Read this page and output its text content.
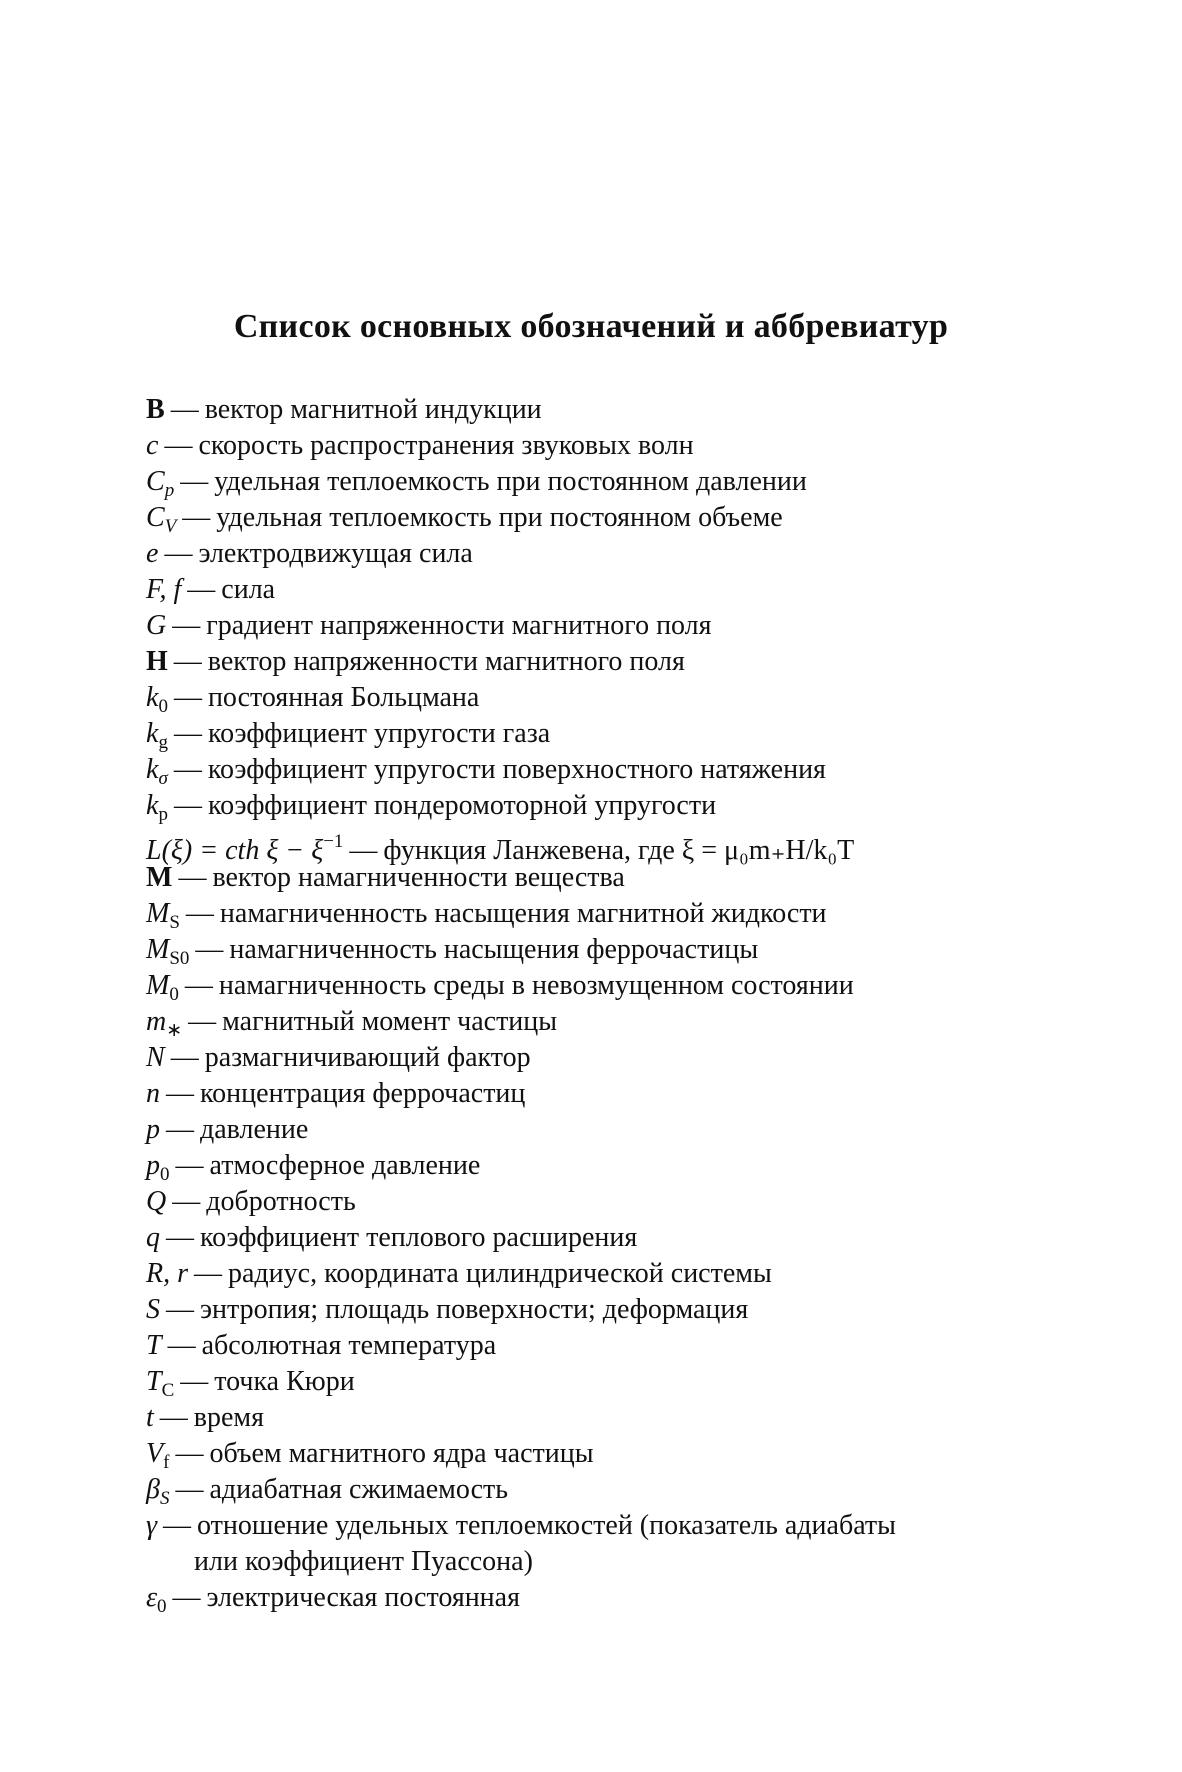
Список основных обозначений и аббревиатур
B — вектор магнитной индукции
c — скорость распространения звуковых волн
$C_p$ — удельная теплоемкость при постоянном давлении
$C_V$ — удельная теплоемкость при постоянном объеме
e — электродвижущая сила
F, f — сила
G — градиент напряженности магнитного поля
H — вектор напряженности магнитного поля
$k_0$ — постоянная Больцмана
$k_g$ — коэффициент упругости газа
$k_\sigma$ — коэффициент упругости поверхностного натяжения
$k_p$ — коэффициент пондеромоторной упругости
L(ξ) = cth $\xi - \xi^{-1}$ — функция Ланжевена, где ξ = μ₀m₊H/k₀T
M — вектор намагниченности вещества
$M_S$ — намагниченность насыщения магнитной жидкости
$M_{S0}$ — намагниченность насыщения феррочастицы
$M_0$ — намагниченность среды в невозмущенном состоянии
$m_∗$ — магнитный момент частицы
N — размагничивающий фактор
n — концентрация феррочастиц
p — давление
$p_0$ — атмосферное давление
Q — добротность
q — коэффициент теплового расширения
R, r — радиус, координата цилиндрической системы
S — энтропия; площадь поверхности; деформация
T — абсолютная температура
$T_C$ — точка Кюри
t — время
$V_f$ — объем магнитного ядра частицы
$\beta_S$ — адиабатная сжимаемость
γ — отношение удельных теплоемкостей (показатель адиабаты
или коэффициент Пуассона)
$\varepsilon_0$ — электрическая постоянная
